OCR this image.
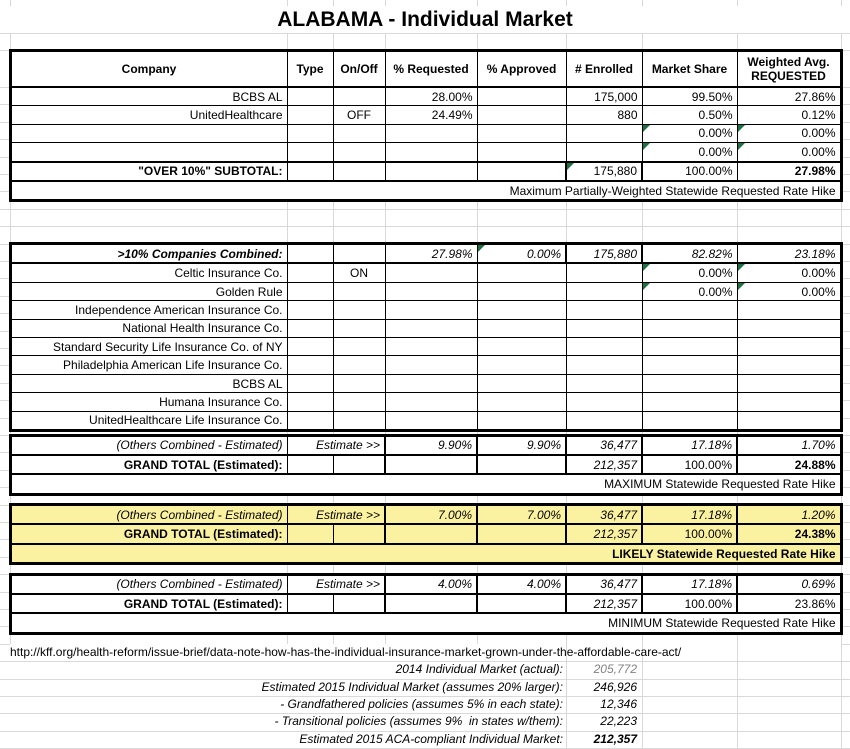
ALABAMA - Individual Market
Company	Type	On/Off	% Requested	% Approved	# Enrolled	Market Share	Weighted Avg.
REQUESTED
BCBS AL			28.00%		175,000	99.50%	27.86%
UnitedHealthcare		OFF	24.49%		880	0.50%	0.12%
						0.00%	0.00%

						0.00%	0.00%

"OVER 10%" SUBTOTAL:					175,880	100.00%	27.98%
Maximum Partially-Weighted Statewide Requested Rate Hike							
>10% Companies Combined:			27.98%	0.00%	175,880	82.82%	23.18%
Celtic Insurance Co.		ON				0.00%	0.00%

Golden Rule						0.00%	0.00%

Independence American Insurance Co.							
National Health Insurance Co.							
Standard Security Life Insurance Co. of NY							
Philadelphia American Life Insurance Co.							
BCBS AL							
Humana Insurance Co.							
UnitedHealthcare Life Insurance Co.							
(Others Combined - Estimated)	Estimate >>		9.90%	9.90%	36,477	17.18%	1.70%
GRAND TOTAL (Estimated):					212,357	100.00%	24.88%
MAXIMUM Statewide Requested Rate Hike							
(Others Combined - Estimated)	Estimate >>		7.00%	7.00%	36,477	17.18%	1.20%
GRAND TOTAL (Estimated):					212,357	100.00%	24.38%
LIKELY Statewide Requested Rate Hike							
(Others Combined - Estimated)	Estimate >>		4.00%	4.00%	36,477	17.18%	0.69%
GRAND TOTAL (Estimated):					212,357	100.00%	23.86%
MINIMUM Statewide Requested Rate Hike							
http://kff.org/health-reform/issue-brief/data-note-how-has-the-individual-insurance-market-grown-under-the-affordable-care-act/
2014 Individual Market (actual):	205,772
Estimated 2015 Individual Market (assumes 20% larger):	246,926
- Grandfathered policies (assumes 5% in each state):	12,346
- Transitional policies (assumes 9%  in states w/them):	22,223
Estimated 2015 ACA-compliant Individual Market:	212,357
